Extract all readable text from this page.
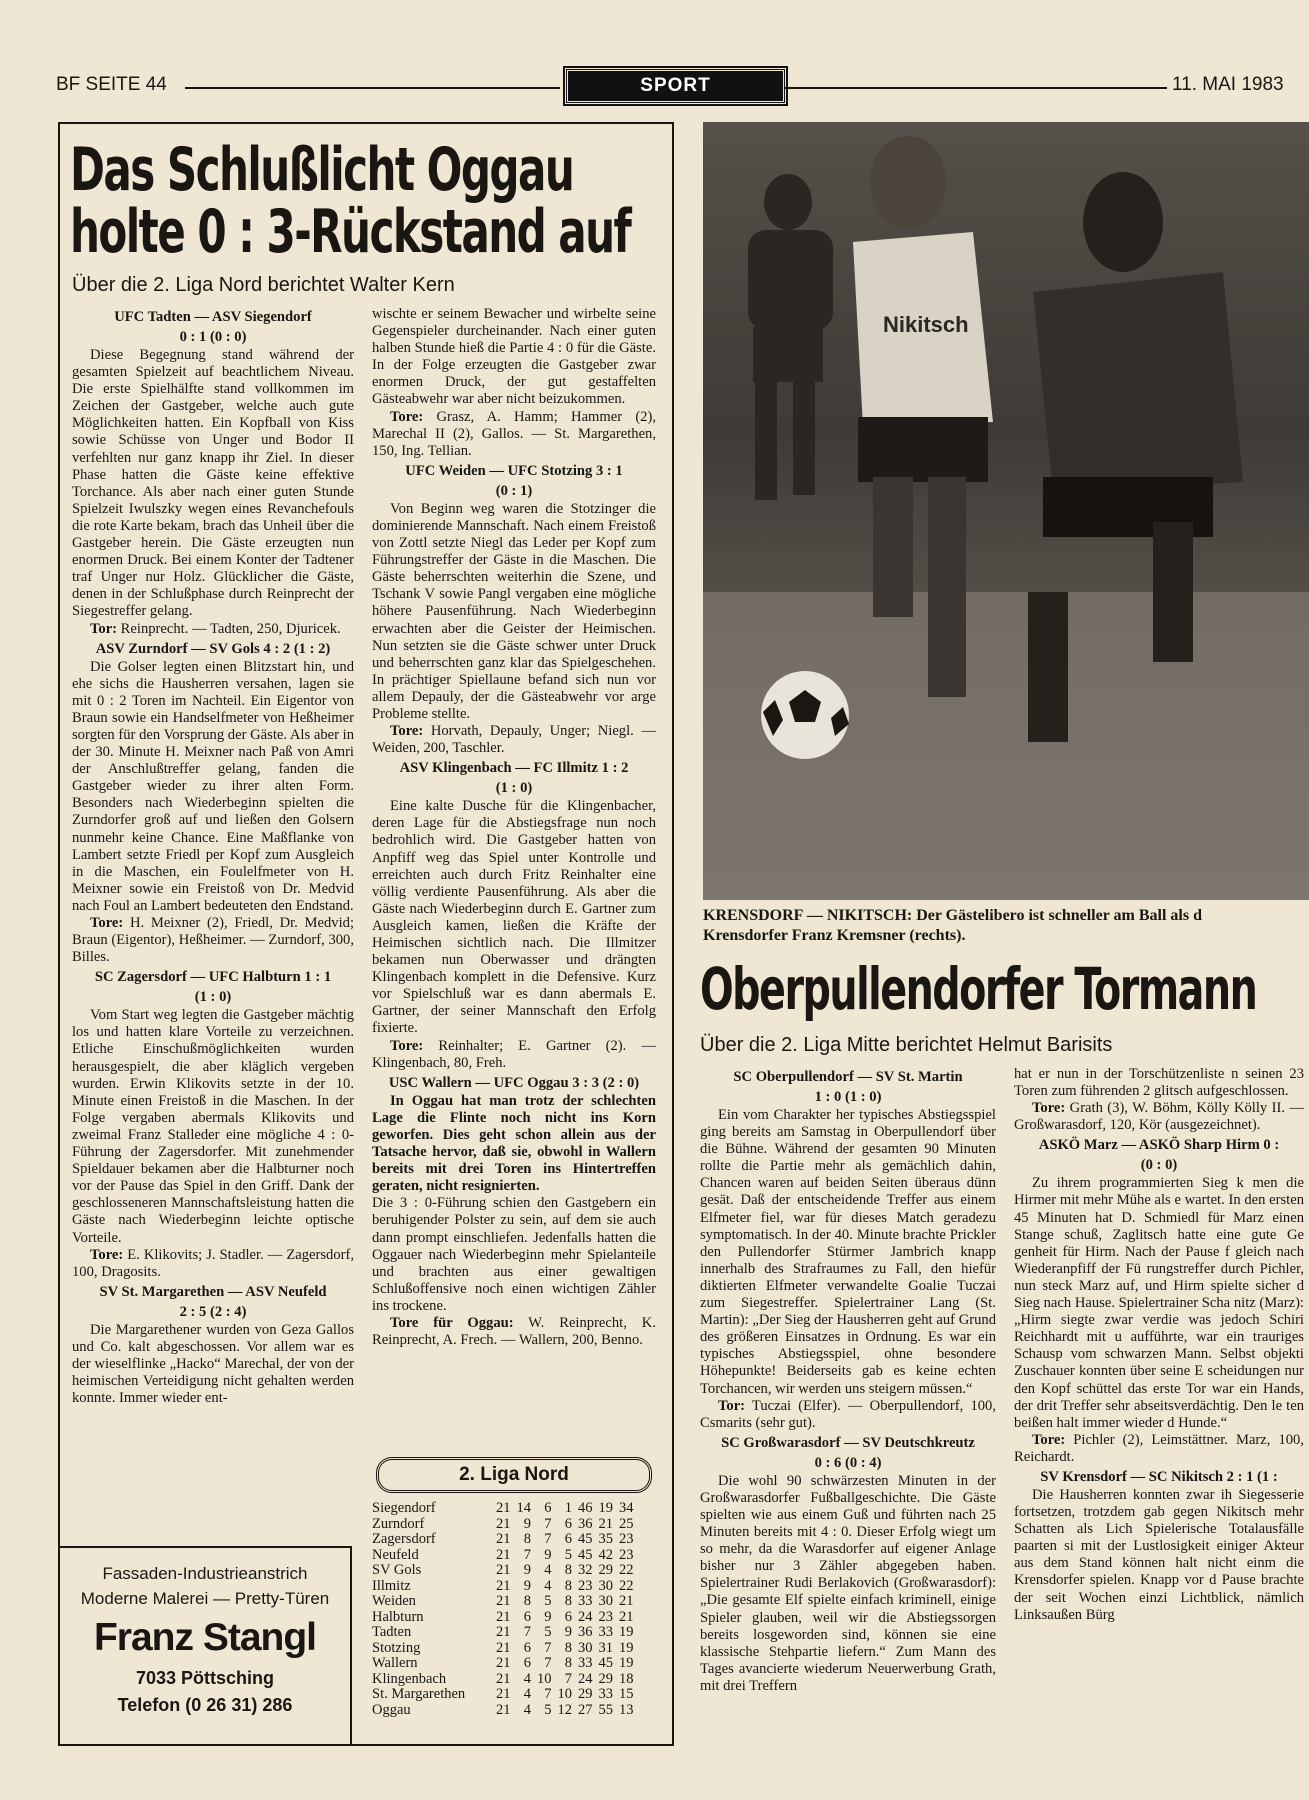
BF SEITE 44	SPORT	11. MAI 1983
Das Schlußlicht Oggau
holte 0 : 3-Rückstand auf
Über die 2. Liga Nord berichtet Walter Kern
UFC Tadten — ASV Siegendorf
0 : 1 (0 : 0)

Diese Begegnung stand während der gesamten Spielzeit auf beachtlichem Niveau. Die erste Spielhälfte stand vollkommen im Zeichen der Gastgeber, welche auch gute Möglichkeiten hatten. Ein Kopfball von Kiss sowie Schüsse von Unger und Bodor II verfehlten nur ganz knapp ihr Ziel. In dieser Phase hatten die Gäste keine effektive Torchance. Als aber nach einer guten Stunde Spielzeit Iwulszky wegen eines Revanchefouls die rote Karte bekam, brach das Unheil über die Gastgeber herein. Die Gäste erzeugten nun enormen Druck. Bei einem Konter der Tadtener traf Unger nur Holz. Glücklicher die Gäste, denen in der Schlußphase durch Reinprecht der Siegestreffer gelang.

Tor: Reinprecht. — Tadten, 250, Djuricek.

ASV Zurndorf — SV Gols 4 : 2 (1 : 2)

Die Golser legten einen Blitzstart hin, und ehe sichs die Hausherren versahen, lagen sie mit 0 : 2 Toren im Nachteil. Ein Eigentor von Braun sowie ein Handselfmeter von Heßheimer sorgten für den Vorsprung der Gäste. Als aber in der 30. Minute H. Meixner nach Paß von Amri der Anschlußtreffer gelang, fanden die Gastgeber wieder zu ihrer alten Form. Besonders nach Wiederbeginn spielten die Zurndorfer groß auf und ließen den Golsern nunmehr keine Chance. Eine Maßflanke von Lambert setzte Friedl per Kopf zum Ausgleich in die Maschen, ein Foulelfmeter von H. Meixner sowie ein Freistoß von Dr. Medvid nach Foul an Lambert bedeuteten den Endstand.

Tore: H. Meixner (2), Friedl, Dr. Medvid; Braun (Eigentor), Heßheimer. — Zurndorf, 300, Billes.

SC Zagersdorf — UFC Halbturn 1 : 1
(1 : 0)

Vom Start weg legten die Gastgeber mächtig los und hatten klare Vorteile zu verzeichnen. Etliche Einschußmöglichkeiten wurden herausgespielt, die aber kläglich vergeben wurden. Erwin Klikovits setzte in der 10. Minute einen Freistoß in die Maschen. In der Folge vergaben abermals Klikovits und zweimal Franz Stalleder eine mögliche 4 : 0-Führung der Zagersdorfer. Mit zunehmender Spieldauer bekamen aber die Halbturner noch vor der Pause das Spiel in den Griff. Dank der geschlosseneren Mannschaftsleistung hatten die Gäste nach Wiederbeginn leichte optische Vorteile.

Tore: E. Klikovits; J. Stadler. — Zagersdorf, 100, Dragosits.

SV St. Margarethen — ASV Neufeld
2 : 5 (2 : 4)

Die Margarethener wurden von Geza Gallos und Co. kalt abgeschossen. Vor allem war es der wieselflinke „Hacko“ Marechal, der von der heimischen Verteidigung nicht gehalten werden konnte. Immer wieder ent-

wischte er seinem Bewacher und wirbelte seine Gegenspieler durcheinander. Nach einer guten halben Stunde hieß die Partie 4 : 0 für die Gäste. In der Folge erzeugten die Gastgeber zwar enormen Druck, der gut gestaffelten Gästeabwehr war aber nicht beizukommen.

Tore: Grasz, A. Hamm; Hammer (2), Marechal II (2), Gallos. — St. Margarethen, 150, Ing. Tellian.

UFC Weiden — UFC Stotzing 3 : 1
(0 : 1)

Von Beginn weg waren die Stotzinger die dominierende Mannschaft. Nach einem Freistoß von Zottl setzte Niegl das Leder per Kopf zum Führungstreffer der Gäste in die Maschen. Die Gäste beherrschten weiterhin die Szene, und Tschank V sowie Pangl vergaben eine mögliche höhere Pausenführung. Nach Wiederbeginn erwachten aber die Geister der Heimischen. Nun setzten sie die Gäste schwer unter Druck und beherrschten ganz klar das Spielgeschehen. In prächtiger Spiellaune befand sich nun vor allem Depauly, der die Gästeabwehr vor arge Probleme stellte.

Tore: Horvath, Depauly, Unger; Niegl. — Weiden, 200, Taschler.

ASV Klingenbach — FC Illmitz 1 : 2
(1 : 0)

Eine kalte Dusche für die Klingenbacher, deren Lage für die Abstiegsfrage nun noch bedrohlich wird. Die Gastgeber hatten von Anpfiff weg das Spiel unter Kontrolle und erreichten auch durch Fritz Reinhalter eine völlig verdiente Pausenführung. Als aber die Gäste nach Wiederbeginn durch E. Gartner zum Ausgleich kamen, ließen die Kräfte der Heimischen sichtlich nach. Die Illmitzer bekamen nun Oberwasser und drängten Klingenbach komplett in die Defensive. Kurz vor Spielschluß war es dann abermals E. Gartner, der seiner Mannschaft den Erfolg fixierte.

Tore: Reinhalter; E. Gartner (2). — Klingenbach, 80, Freh.

USC Wallern — UFC Oggau 3 : 3 (2 : 0)

In Oggau hat man trotz der schlechten Lage die Flinte noch nicht ins Korn geworfen. Dies geht schon allein aus der Tatsache hervor, daß sie, obwohl in Wallern bereits mit drei Toren ins Hintertreffen geraten, nicht resignierten.

Die 3 : 0-Führung schien den Gastgebern ein beruhigender Polster zu sein, auf dem sie auch dann prompt einschliefen. Jedenfalls hatten die Oggauer nach Wiederbeginn mehr Spielanteile und brachten aus einer gewaltigen Schlußoffensive noch einen wichtigen Zähler ins trockene.

Tore für Oggau: W. Reinprecht, K. Reinprecht, A. Frech. — Wallern, 200, Benno.

2. Liga Nord
Siegendorf	21	14	6	1	46	19	34
Zurndorf	21	9	7	6	36	21	25
Zagersdorf	21	8	7	6	45	35	23
Neufeld	21	7	9	5	45	42	23
SV Gols	21	9	4	8	32	29	22
Illmitz	21	9	4	8	23	30	22
Weiden	21	8	5	8	33	30	21
Halbturn	21	6	9	6	24	23	21
Tadten	21	7	5	9	36	33	19
Stotzing	21	6	7	8	30	31	19
Wallern	21	6	7	8	33	45	19
Klingenbach	21	4	10	7	24	29	18
St. Margarethen	21	4	7	10	29	33	15
Oggau	21	4	5	12	27	55	13
Fassaden-Industrieanstrich
Moderne Malerei — Pretty-Türen
Franz Stangl
7033 Pöttsching
Telefon (0 26 31) 286
Nikitsch
KRENSDORF — NIKITSCH: Der Gästelibero ist schneller am Ball als d
Krensdorfer Franz Kremsner (rechts).
Oberpullendorfer Tormann
Über die 2. Liga Mitte berichtet Helmut Barisits
SC Oberpullendorf — SV St. Martin
1 : 0 (1 : 0)

Ein vom Charakter her typisches Abstiegsspiel ging bereits am Samstag in Oberpullendorf über die Bühne. Während der gesamten 90 Minuten rollte die Partie mehr als gemächlich dahin, Chancen waren auf beiden Seiten überaus dünn gesät. Daß der entscheidende Treffer aus einem Elfmeter fiel, war für dieses Match geradezu symptomatisch. In der 40. Minute brachte Prickler den Pullendorfer Stürmer Jambrich knapp innerhalb des Strafraumes zu Fall, den hiefür diktierten Elfmeter verwandelte Goalie Tuczai zum Siegestreffer. Spielertrainer Lang (St. Martin): „Der Sieg der Hausherren geht auf Grund des größeren Einsatzes in Ordnung. Es war ein typisches Abstiegsspiel, ohne besondere Höhepunkte! Beiderseits gab es keine echten Torchancen, wir werden uns steigern müssen.“

Tor: Tuczai (Elfer). — Oberpullendorf, 100, Csmarits (sehr gut).

SC Großwarasdorf — SV Deutschkreutz
0 : 6 (0 : 4)

Die wohl 90 schwärzesten Minuten in der Großwarasdorfer Fußballgeschichte. Die Gäste spielten wie aus einem Guß und führten nach 25 Minuten bereits mit 4 : 0. Dieser Erfolg wiegt um so mehr, da die Warasdorfer auf eigener Anlage bisher nur 3 Zähler abgegeben haben. Spielertrainer Rudi Berlakovich (Großwarasdorf): „Die gesamte Elf spielte einfach kriminell, einige Spieler glauben, weil wir die Abstiegssorgen bereits losgeworden sind, können sie eine klassische Stehpartie liefern.“ Zum Mann des Tages avancierte wiederum Neuerwerbung Grath, mit drei Treffern

hat er nun in der Torschützenliste n seinen 23 Toren zum führenden 2 glitsch aufgeschlossen.

Tore: Grath (3), W. Böhm, Kölly Kölly II. — Großwarasdorf, 120, Kör (ausgezeichnet).

ASKÖ Marz — ASKÖ Sharp Hirm 0 :
(0 : 0)

Zu ihrem programmierten Sieg k men die Hirmer mit mehr Mühe als e wartet. In den ersten 45 Minuten hat D. Schmiedl für Marz einen Stange schuß, Zaglitsch hatte eine gute Ge genheit für Hirm. Nach der Pause f gleich nach Wiederanpfiff der Fü rungstreffer durch Pichler, nun steck Marz auf, und Hirm spielte sicher d Sieg nach Hause. Spielertrainer Scha nitz (Marz): „Hirm siegte zwar verdie was jedoch Schiri Reichhardt mit u aufführte, war ein trauriges Schausp vom schwarzen Mann. Selbst objekti Zuschauer konnten über seine E scheidungen nur den Kopf schüttel das erste Tor war ein Hands, der drit Treffer sehr abseitsverdächtig. Den le ten beißen halt immer wieder d Hunde.“

Tore: Pichler (2), Leimstättner. Marz, 100, Reichardt.

SV Krensdorf — SC Nikitsch 2 : 1 (1 :

Die Hausherren konnten zwar ih Siegesserie fortsetzen, trotzdem gab gegen Nikitsch mehr Schatten als Lich Spielerische Totalausfälle paarten si mit der Lustlosigkeit einiger Akteur aus dem Stand können halt nicht einm die Krensdorfer spielen. Knapp vor d Pause brachte der seit Wochen einzi Lichtblick, nämlich Linksaußen Bürg
